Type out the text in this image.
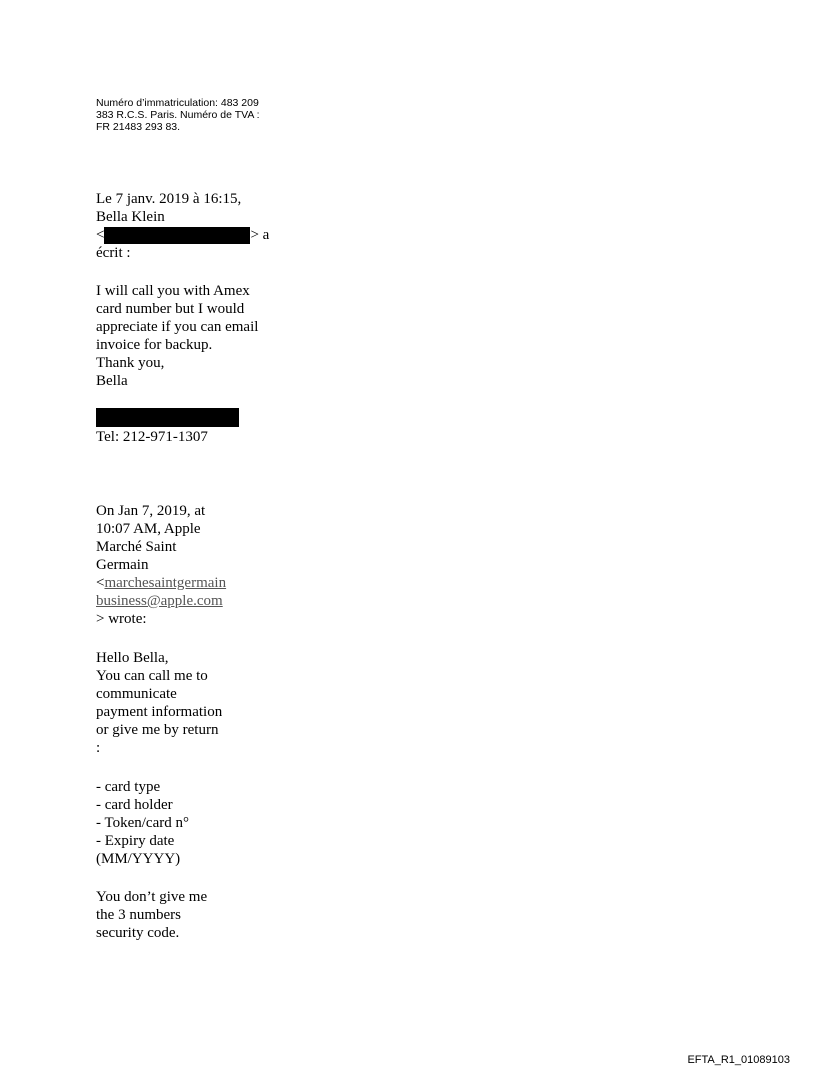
Numéro d’immatriculation: 483 209
383 R.C.S. Paris. Numéro de TVA :
FR 21483 293 83.
Le 7 janv. 2019 à 16:15,
Bella Klein
<	> a
écrit :
I will call you with Amex
card number but I would
appreciate if you can email
invoice for backup.
Thank you,
Bella
Tel: 212-971-1307
On Jan 7, 2019, at
10:07 AM, Apple
Marché Saint
Germain
<marchesaintgermain
business@apple.com
> wrote:
Hello Bella,
You can call me to
communicate
payment information
or give me by return
:
- card type
- card holder
- Token/card n°
- Expiry date
(MM/YYYY)
You don’t give me
the 3 numbers
security code.
EFTA_R1_01089103
